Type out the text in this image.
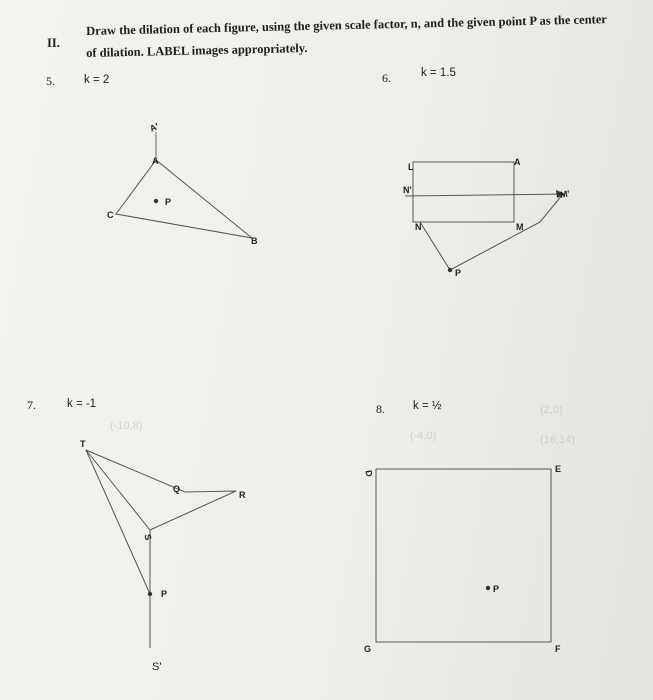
(2,0)
(-4,0)
(-10,8)
(16,14)
II.
Draw the dilation of each figure, using the given scale factor, n, and the given point P as the center
of dilation. LABEL images appropriately.
5.	k = 2	6.	k = 1.5
7.	k = -1	8. k = ½
A'
A
P
C
B
L	A
N'	M'
N	M
P
T
Q
R
S
P
S'
D	E
G	F
P
